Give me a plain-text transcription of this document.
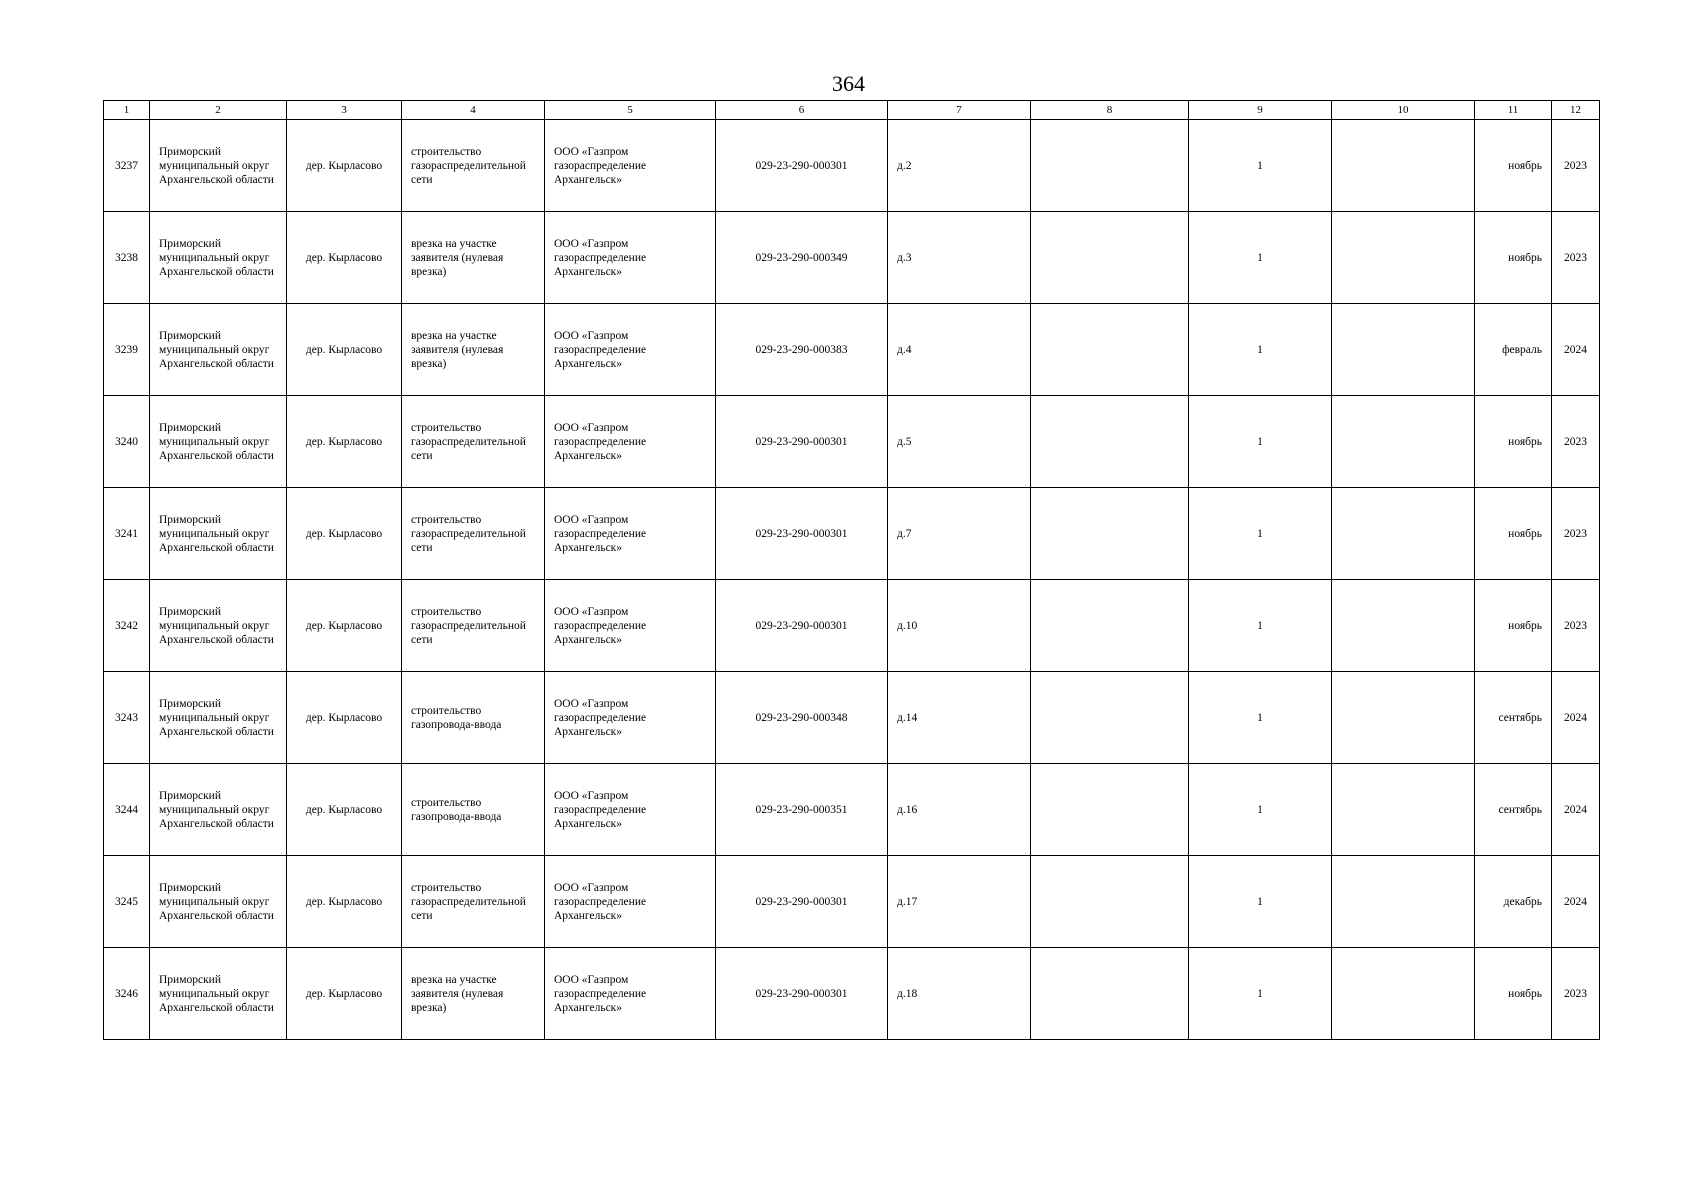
364
1	2	3	4	5	6	7	8	9	10	11	12
3237	Приморский муниципальный округ Архангельской области	дер. Кырласово	строительство газораспределительной сети	ООО «Газпром газораспределение Архангельск»	029-23-290-000301	д.2		1		ноябрь	2023
3238	Приморский муниципальный округ Архангельской области	дер. Кырласово	врезка на участке заявителя (нулевая врезка)	ООО «Газпром газораспределение Архангельск»	029-23-290-000349	д.3		1		ноябрь	2023
3239	Приморский муниципальный округ Архангельской области	дер. Кырласово	врезка на участке заявителя (нулевая врезка)	ООО «Газпром газораспределение Архангельск»	029-23-290-000383	д.4		1		февраль	2024
3240	Приморский муниципальный округ Архангельской области	дер. Кырласово	строительство газораспределительной сети	ООО «Газпром газораспределение Архангельск»	029-23-290-000301	д.5		1		ноябрь	2023
3241	Приморский муниципальный округ Архангельской области	дер. Кырласово	строительство газораспределительной сети	ООО «Газпром газораспределение Архангельск»	029-23-290-000301	д.7		1		ноябрь	2023
3242	Приморский муниципальный округ Архангельской области	дер. Кырласово	строительство газораспределительной сети	ООО «Газпром газораспределение Архангельск»	029-23-290-000301	д.10		1		ноябрь	2023
3243	Приморский муниципальный округ Архангельской области	дер. Кырласово	строительство газопровода-ввода	ООО «Газпром газораспределение Архангельск»	029-23-290-000348	д.14		1		сентябрь	2024
3244	Приморский муниципальный округ Архангельской области	дер. Кырласово	строительство газопровода-ввода	ООО «Газпром газораспределение Архангельск»	029-23-290-000351	д.16		1		сентябрь	2024
3245	Приморский муниципальный округ Архангельской области	дер. Кырласово	строительство газораспределительной сети	ООО «Газпром газораспределение Архангельск»	029-23-290-000301	д.17		1		декабрь	2024
3246	Приморский муниципальный округ Архангельской области	дер. Кырласово	врезка на участке заявителя (нулевая врезка)	ООО «Газпром газораспределение Архангельск»	029-23-290-000301	д.18		1		ноябрь	2023
